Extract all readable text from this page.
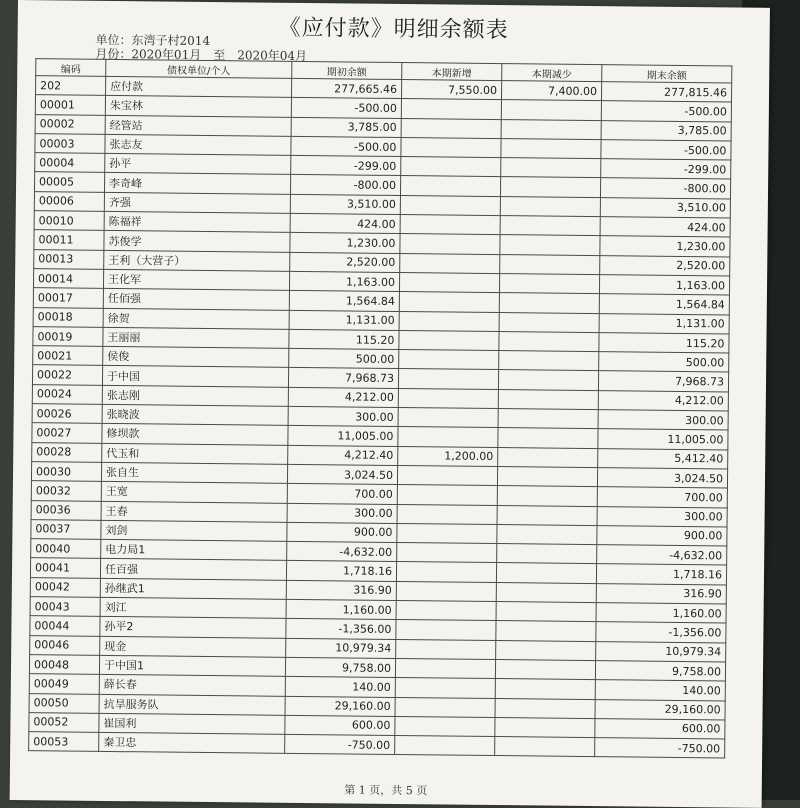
《应付款》明细余额表
单位：东湾子村2014
月份：2020年01月　至　2020年04月
编码	债权单位/个人	期初余额	本期新增	本期减少	期末余额
202	应付款	277,665.46	7,550.00	7,400.00	277,815.46
00001	朱宝林	-500.00			-500.00
00002	经管站	3,785.00			3,785.00
00003	张志友	-500.00			-500.00
00004	孙平	-299.00			-299.00
00005	李奇峰	-800.00			-800.00
00006	齐强	3,510.00			3,510.00
00010	陈福祥	424.00			424.00
00011	苏俊学	1,230.00			1,230.00
00013	王利（大营子）	2,520.00			2,520.00
00014	王化军	1,163.00			1,163.00
00017	任佰强	1,564.84			1,564.84
00018	徐贺	1,131.00			1,131.00
00019	王丽丽	115.20			115.20
00021	侯俊	500.00			500.00
00022	于中国	7,968.73			7,968.73
00024	张志刚	4,212.00			4,212.00
00026	张晓波	300.00			300.00
00027	修坝款	11,005.00			11,005.00
00028	代玉和	4,212.40	1,200.00		5,412.40
00030	张自生	3,024.50			3,024.50
00032	王宽	700.00			700.00
00036	王春	300.00			300.00
00037	刘剑	900.00			900.00
00040	电力局1	-4,632.00			-4,632.00
00041	任百强	1,718.16			1,718.16
00042	孙继武1	316.90			316.90
00043	刘江	1,160.00			1,160.00
00044	孙平2	-1,356.00			-1,356.00
00046	现金	10,979.34			10,979.34
00048	于中国1	9,758.00			9,758.00
00049	薛长春	140.00			140.00
00050	抗旱服务队	29,160.00			29,160.00
00052	崔国利	600.00			600.00
00053	秦卫忠	-750.00			-750.00
第 1 页，共 5 页
